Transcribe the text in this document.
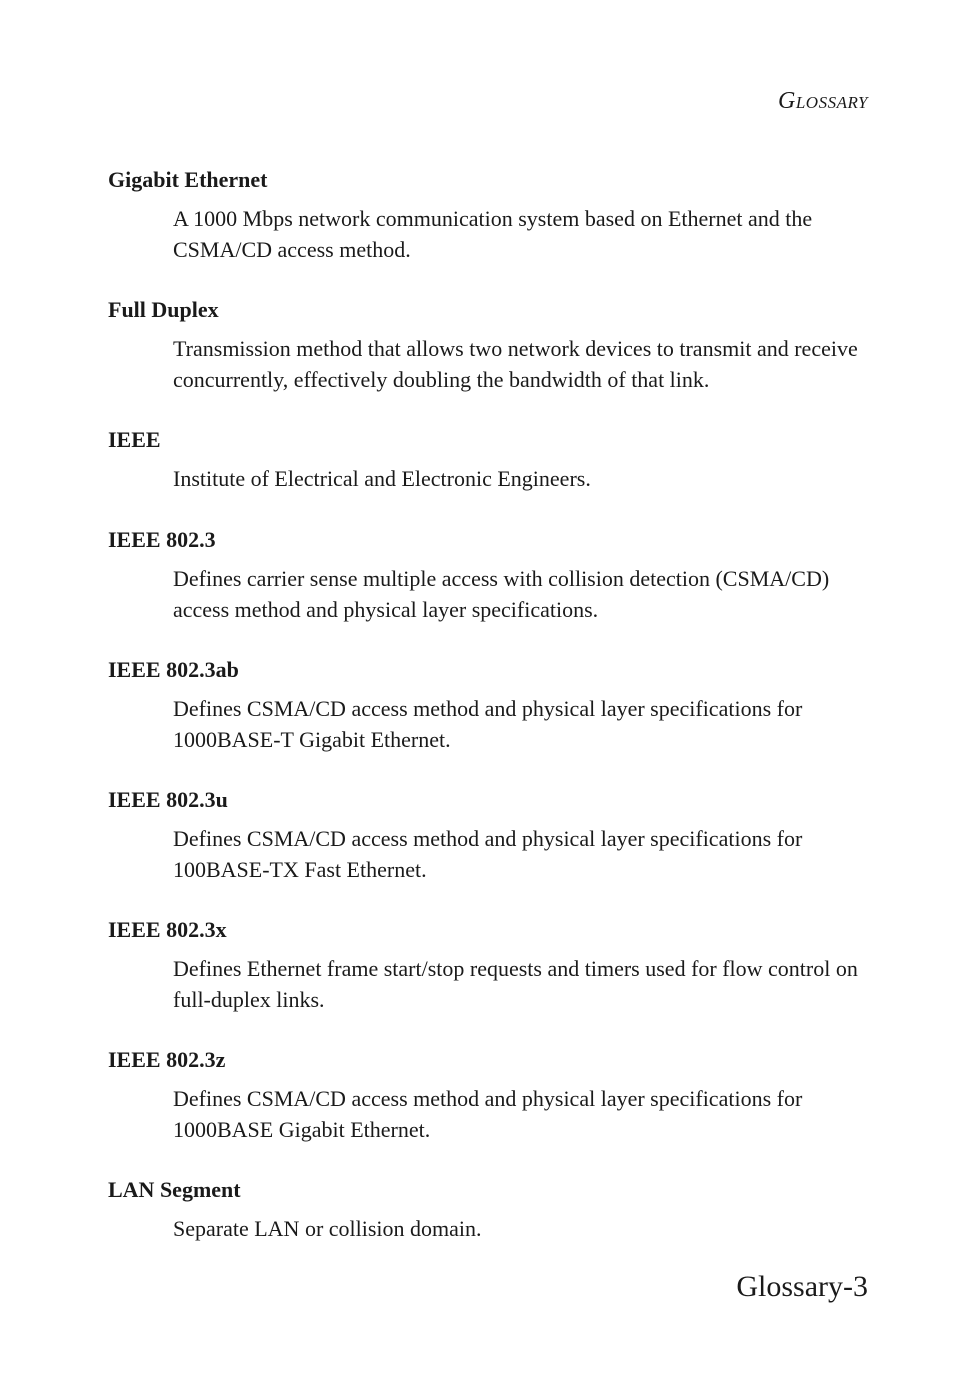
Glossary

Gigabit Ethernet

A 1000 Mbps network communication system based on Ethernet and the CSMA/CD access method.

Full Duplex

Transmission method that allows two network devices to transmit and receive concurrently, effectively doubling the bandwidth of that link.

IEEE

Institute of Electrical and Electronic Engineers.

IEEE 802.3

Defines carrier sense multiple access with collision detection (CSMA/CD) access method and physical layer specifications.

IEEE 802.3ab

Defines CSMA/CD access method and physical layer specifications for 1000BASE-T Gigabit Ethernet.

IEEE 802.3u

Defines CSMA/CD access method and physical layer specifications for 100BASE-TX Fast Ethernet.

IEEE 802.3x

Defines Ethernet frame start/stop requests and timers used for flow control on full-duplex links.

IEEE 802.3z

Defines CSMA/CD access method and physical layer specifications for 1000BASE Gigabit Ethernet.

LAN Segment

Separate LAN or collision domain.
Glossary-3
